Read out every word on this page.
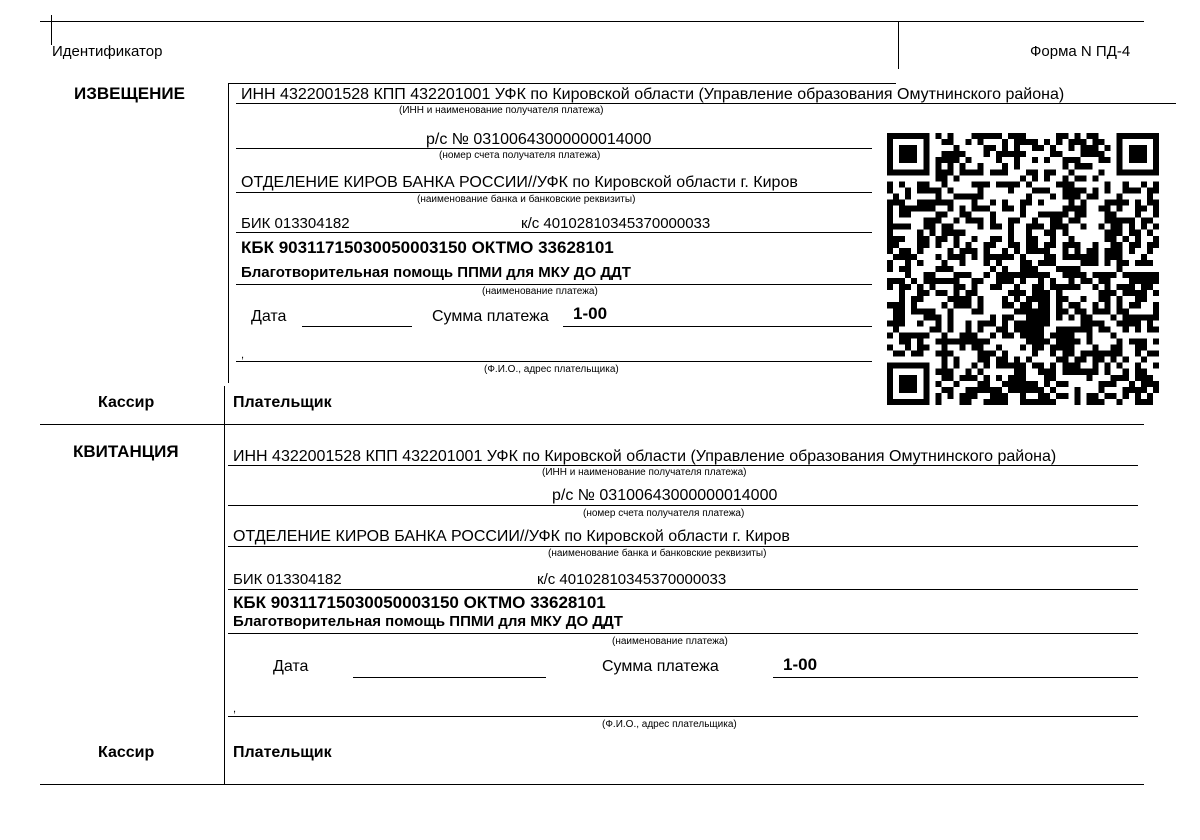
Идентификатор	Форма N ПД-4
ИЗВЕЩЕНИЕ	ИНН 4322001528 КПП 432201001 УФК по Кировской области (Управление образования Омутнинского района)
(ИНН и наименование получателя платежа)
р/с № 03100643000000014000
(номер счета получателя платежа)
ОТДЕЛЕНИЕ КИРОВ БАНКА РОССИИ//УФК по Кировской области г. Киров
(наименование банка и банковские реквизиты)
БИК 013304182	к/с 40102810345370000033
КБК 90311715030050003150 ОКТМО 33628101
Благотворительная помощь ППМИ для МКУ ДО ДДТ
(наименование платежа)
Дата	Сумма платежа 1-00
,
(Ф.И.О., адрес плательщика)
Кассир	Плательщик
КВИТАНЦИЯ	ИНН 4322001528 КПП 432201001 УФК по Кировской области (Управление образования Омутнинского района)
(ИНН и наименование получателя платежа)
р/с № 03100643000000014000
(номер счета получателя платежа)
ОТДЕЛЕНИЕ КИРОВ БАНКА РОССИИ//УФК по Кировской области г. Киров
(наименование банка и банковские реквизиты)
БИК 013304182	к/с 40102810345370000033
КБК 90311715030050003150 ОКТМО 33628101
Благотворительная помощь ППМИ для МКУ ДО ДДТ
(наименование платежа)
Дата	Сумма платежа	1-00
,
(Ф.И.О., адрес плательщика)
Кассир	Плательщик
